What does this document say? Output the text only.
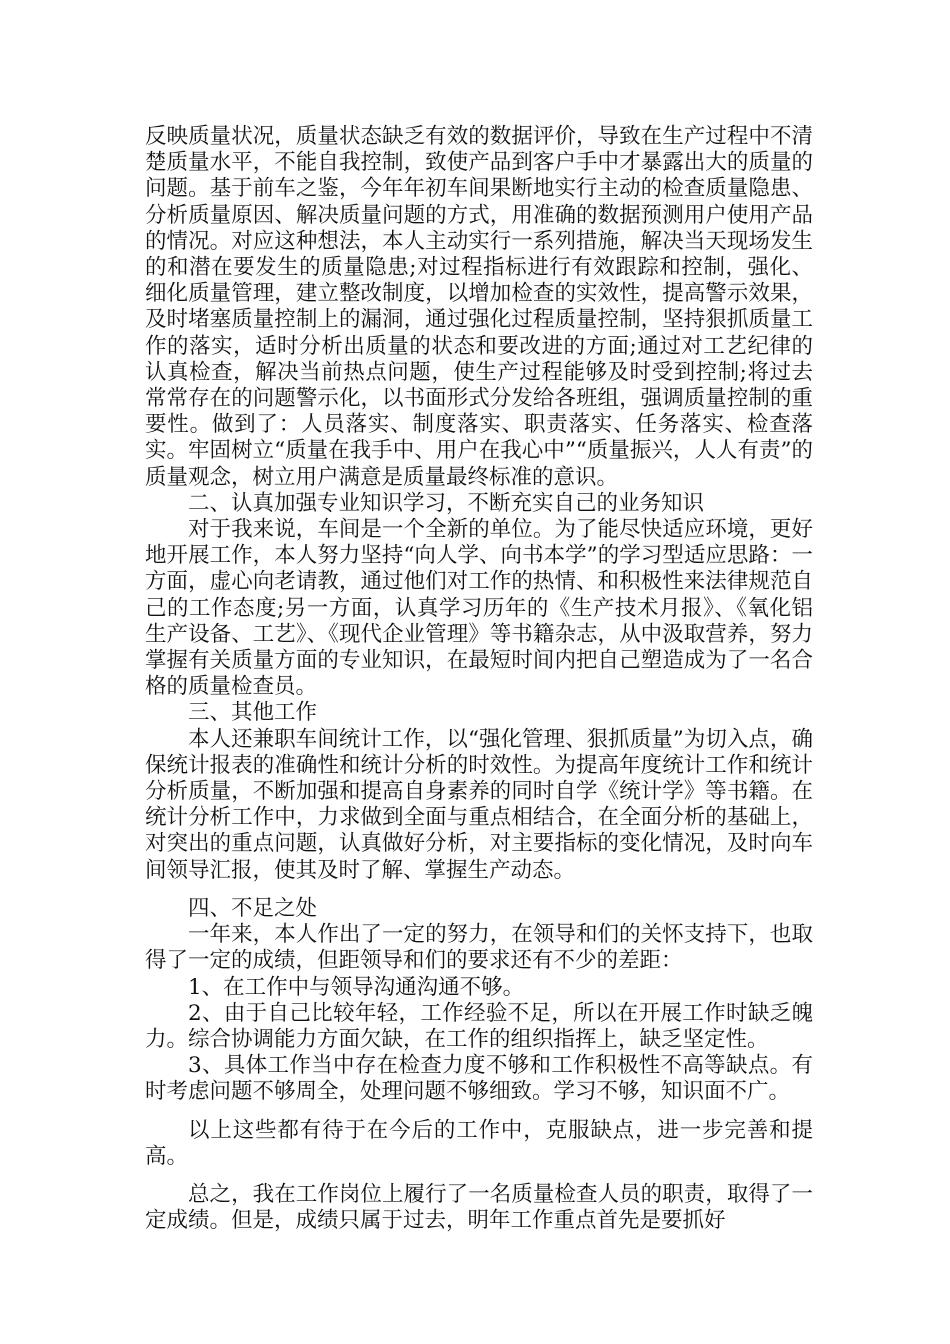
反映质量状况，质量状态缺乏有效的数据评价，导致在生产过程中不清楚质量水平，不能自我控制，致使产品到客户手中才暴露出大的质量的问题。基于前车之鉴，今年年初车间果断地实行主动的检查质量隐患、分析质量原因、解决质量问题的方式，用准确的数据预测用户使用产品的情况。对应这种想法，本人主动实行一系列措施，解决当天现场发生的和潜在要发生的质量隐患;对过程指标进行有效跟踪和控制，强化、细化质量管理，建立整改制度，以增加检查的实效性，提高警示效果，及时堵塞质量控制上的漏洞，通过强化过程质量控制，坚持狠抓质量工作的落实，适时分析出质量的状态和要改进的方面;通过对工艺纪律的认真检查，解决当前热点问题，使生产过程能够及时受到控制;将过去常常存在的问题警示化，以书面形式分发给各班组，强调质量控制的重要性。做到了：人员落实、制度落实、职责落实、任务落实、检查落实。牢固树立“质量在我手中、用户在我心中”“质量振兴，人人有责”的质量观念，树立用户满意是质量最终标准的意识。

二、认真加强专业知识学习，不断充实自己的业务知识

对于我来说，车间是一个全新的单位。为了能尽快适应环境，更好地开展工作，本人努力坚持“向人学、向书本学”的学习型适应思路：一方面，虚心向老请教，通过他们对工作的热情、和积极性来法律规范自己的工作态度;另一方面，认真学习历年的《生产技术月报》、《氧化铝生产设备、工艺》、《现代企业管理》等书籍杂志，从中汲取营养，努力掌握有关质量方面的专业知识，在最短时间内把自己塑造成为了一名合格的质量检查员。

三、其他工作

本人还兼职车间统计工作，以“强化管理、狠抓质量”为切入点，确保统计报表的准确性和统计分析的时效性。为提高年度统计工作和统计分析质量，不断加强和提高自身素养的同时自学《统计学》等书籍。在统计分析工作中，力求做到全面与重点相结合，在全面分析的基础上，对突出的重点问题，认真做好分析，对主要指标的变化情况，及时向车间领导汇报，使其及时了解、掌握生产动态。

四、不足之处

一年来，本人作出了一定的努力，在领导和们的关怀支持下，也取得了一定的成绩，但距领导和们的要求还有不少的差距：

1、在工作中与领导沟通沟通不够。

2、由于自己比较年轻，工作经验不足，所以在开展工作时缺乏魄力。综合协调能力方面欠缺，在工作的组织指挥上，缺乏坚定性。

3、具体工作当中存在检查力度不够和工作积极性不高等缺点。有时考虑问题不够周全，处理问题不够细致。学习不够，知识面不广。

以上这些都有待于在今后的工作中，克服缺点，进一步完善和提高。

总之，我在工作岗位上履行了一名质量检查人员的职责，取得了一定成绩。但是，成绩只属于过去，明年工作重点首先是要抓好
